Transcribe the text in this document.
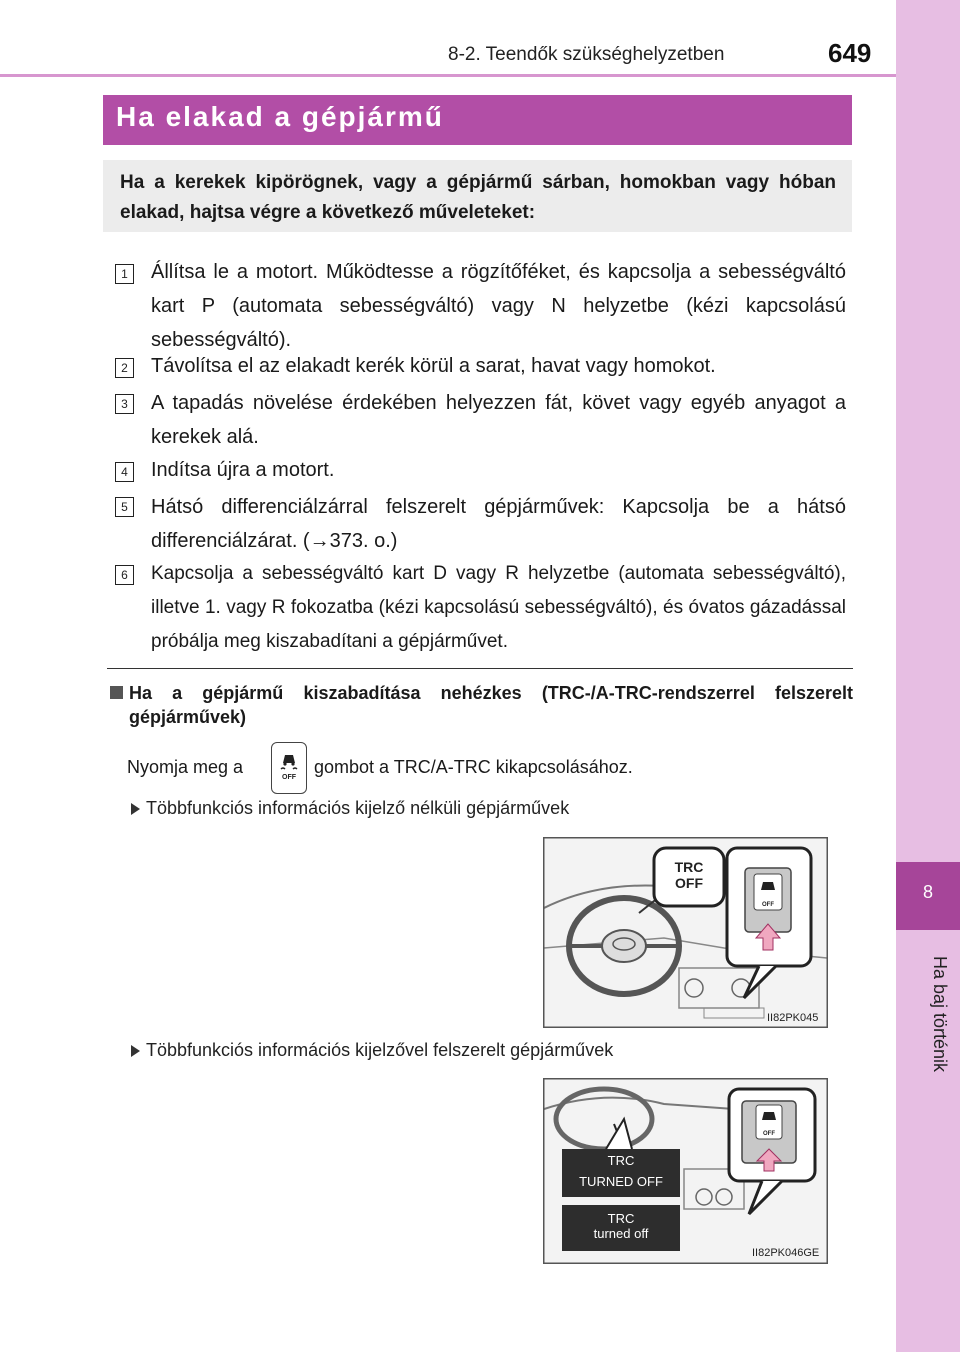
8-2. Teendők szükséghelyzetben	649
8
Ha baj történik
Ha elakad a gépjármű
Ha a kerekek kipörögnek, vagy a gépjármű sárban, homokban vagy hóban elakad, hajtsa végre a következő műveleteket:
1	Állítsa le a motort. Működtesse a rögzítőféket, és kapcsolja a sebességváltó kart P (automata sebességváltó) vagy N helyzetbe (kézi kapcsolású sebességváltó).
2	Távolítsa el az elakadt kerék körül a sarat, havat vagy homokot.
3	A tapadás növelése érdekében helyezzen fát, követ vagy egyéb anyagot a kerekek alá.
4	Indítsa újra a motort.
5	Hátsó differenciálzárral felszerelt gépjárművek: Kapcsolja be a hátsó differenciálzárat. (→373. o.)
6	Kapcsolja a sebességváltó kart D vagy R helyzetbe (automata sebességváltó), illetve 1. vagy R fokozatba (kézi kapcsolású sebességváltó), és óvatos gázadással próbálja meg kiszabadítani a gépjárművet.
Ha a gépjármű kiszabadítása nehézkes (TRC-/A-TRC-rendszerrel felszerelt gépjárművek)
Nyomja meg a
OFF
gombot a TRC/A-TRC kikapcsolásához.
Többfunkciós információs kijelző nélküli gépjárművek
TRC
OFF
OFF
II82PK045
Többfunkciós információs kijelzővel felszerelt gépjárművek
OFF
TRC
TURNED OFF
TRC
turned off
II82PK046GE
